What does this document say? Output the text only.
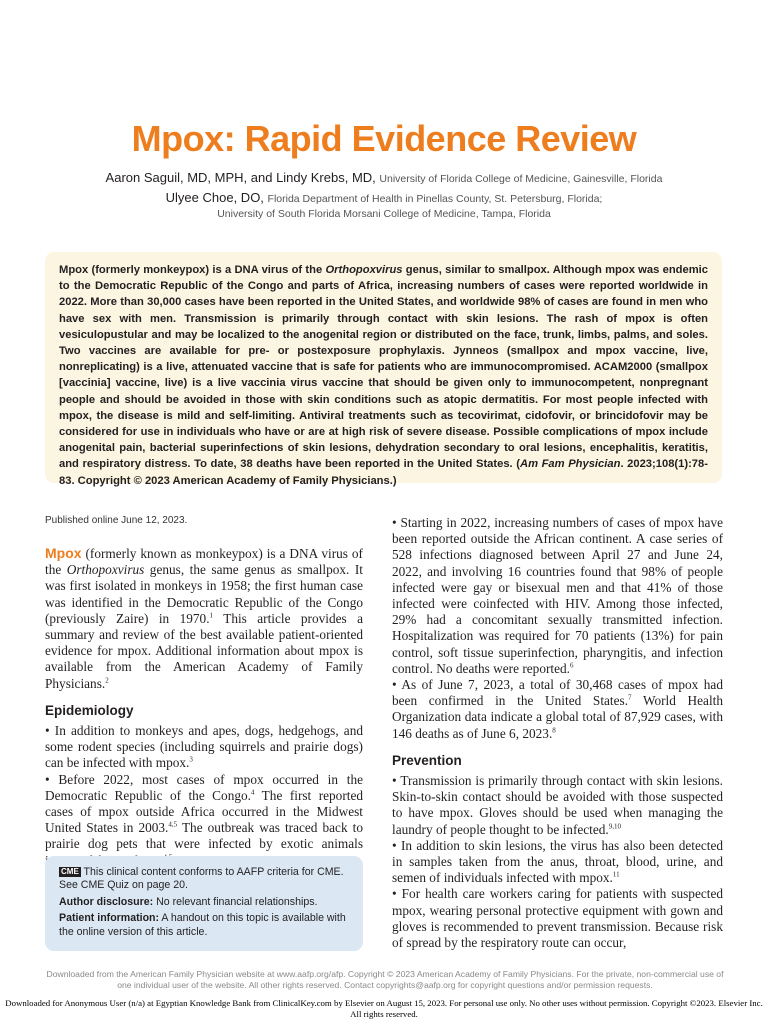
Mpox: Rapid Evidence Review
Aaron Saguil, MD, MPH, and Lindy Krebs, MD, University of Florida College of Medicine, Gainesville, Florida
Ulyee Choe, DO, Florida Department of Health in Pinellas County, St. Petersburg, Florida;
University of South Florida Morsani College of Medicine, Tampa, Florida
Mpox (formerly monkeypox) is a DNA virus of the Orthopoxvirus genus, similar to smallpox. Although mpox was endemic to the Democratic Republic of the Congo and parts of Africa, increasing numbers of cases were reported worldwide in 2022. More than 30,000 cases have been reported in the United States, and worldwide 98% of cases are found in men who have sex with men. Transmission is primarily through contact with skin lesions. The rash of mpox is often vesiculopustular and may be localized to the anogenital region or distributed on the face, trunk, limbs, palms, and soles. Two vaccines are available for pre- or postexposure prophylaxis. Jynneos (smallpox and mpox vaccine, live, nonreplicating) is a live, attenuated vaccine that is safe for patients who are immunocompromised. ACAM2000 (smallpox [vaccinia] vaccine, live) is a live vaccinia virus vaccine that should be given only to immunocompetent, nonpregnant people and should be avoided in those with skin conditions such as atopic dermatitis. For most people infected with mpox, the disease is mild and self-limiting. Antiviral treatments such as tecovirimat, cidofovir, or brincidofovir may be considered for use in individuals who have or are at high risk of severe disease. Possible complications of mpox include anogenital pain, bacterial superinfections of skin lesions, dehydration secondary to oral lesions, encephalitis, keratitis, and respiratory distress. To date, 38 deaths have been reported in the United States. (Am Fam Physician. 2023;108(1):78-83. Copyright © 2023 American Academy of Family Physicians.)
Published online June 12, 2023.

Mpox (formerly known as monkeypox) is a DNA virus of the Orthopoxvirus genus, the same genus as smallpox. It was first isolated in monkeys in 1958; the first human case was identified in the Democratic Republic of the Congo (previously Zaire) in 1970.$^1$ This article provides a summary and review of the best available patient-oriented evidence for mpox. Additional information about mpox is available from the American Academy of Family Physicians.$^2$

Epidemiology

• In addition to monkeys and apes, dogs, hedgehogs, and some rodent species (including squirrels and prairie dogs) can be infected with mpox.$^3$

• Before 2022, most cases of mpox occurred in the Democratic Republic of the Congo.$^4$ The first reported cases of mpox outside Africa occurred in the Midwest United States in 2003.$^{4,5}$ The outbreak was traced back to prairie dog pets that were infected by exotic animals

CME This clinical content conforms to AAFP criteria for CME. See CME Quiz on page 20.

Author disclosure: No relevant financial relationships.

Patient information: A handout on this topic is available with the online version of this article.

• Starting in 2022, increasing numbers of cases of mpox have been reported outside the African continent. A case series of 528 infections diagnosed between April 27 and June 24, 2022, and involving 16 countries found that 98% of people infected were gay or bisexual men and that 41% of those infected were coinfected with HIV. Among those infected, 29% had a concomitant sexually transmitted infection. Hospitalization was required for 70 patients (13%) for pain control, soft tissue superinfection, pharyngitis, and infection control. No deaths were reported.$^6$

• As of June 7, 2023, a total of 30,468 cases of mpox had been confirmed in the United States.$^7$ World Health Organization data indicate a global total of 87,929 cases, with 146 deaths as of June 6, 2023.$^8$

Prevention

• Transmission is primarily through contact with skin lesions. Skin-to-skin contact should be avoided with those suspected to have mpox. Gloves should be used when managing the laundry of people thought to be infected.$^{9,10}$

• In addition to skin lesions, the virus has also been detected in samples taken from the anus, throat, blood, urine, and semen of individuals infected with mpox.$^{11}$

• For health care workers caring for patients with suspected mpox, wearing personal protective equipment with gown and gloves is recommended to prevent transmission. Because risk of spread by the respiratory route can occur,

Downloaded from the American Family Physician website at www.aafp.org/afp. Copyright © 2023 American Academy of Family Physicians. For the private, non-commercial use of one individual user of the website. All other rights reserved. Contact copyrights@aafp.org for copyright questions and/or permission requests.
Downloaded for Anonymous User (n/a) at Egyptian Knowledge Bank from ClinicalKey.com by Elsevier on August 15, 2023. For personal use only. No other uses without permission. Copyright ©2023. Elsevier Inc. All rights reserved.
